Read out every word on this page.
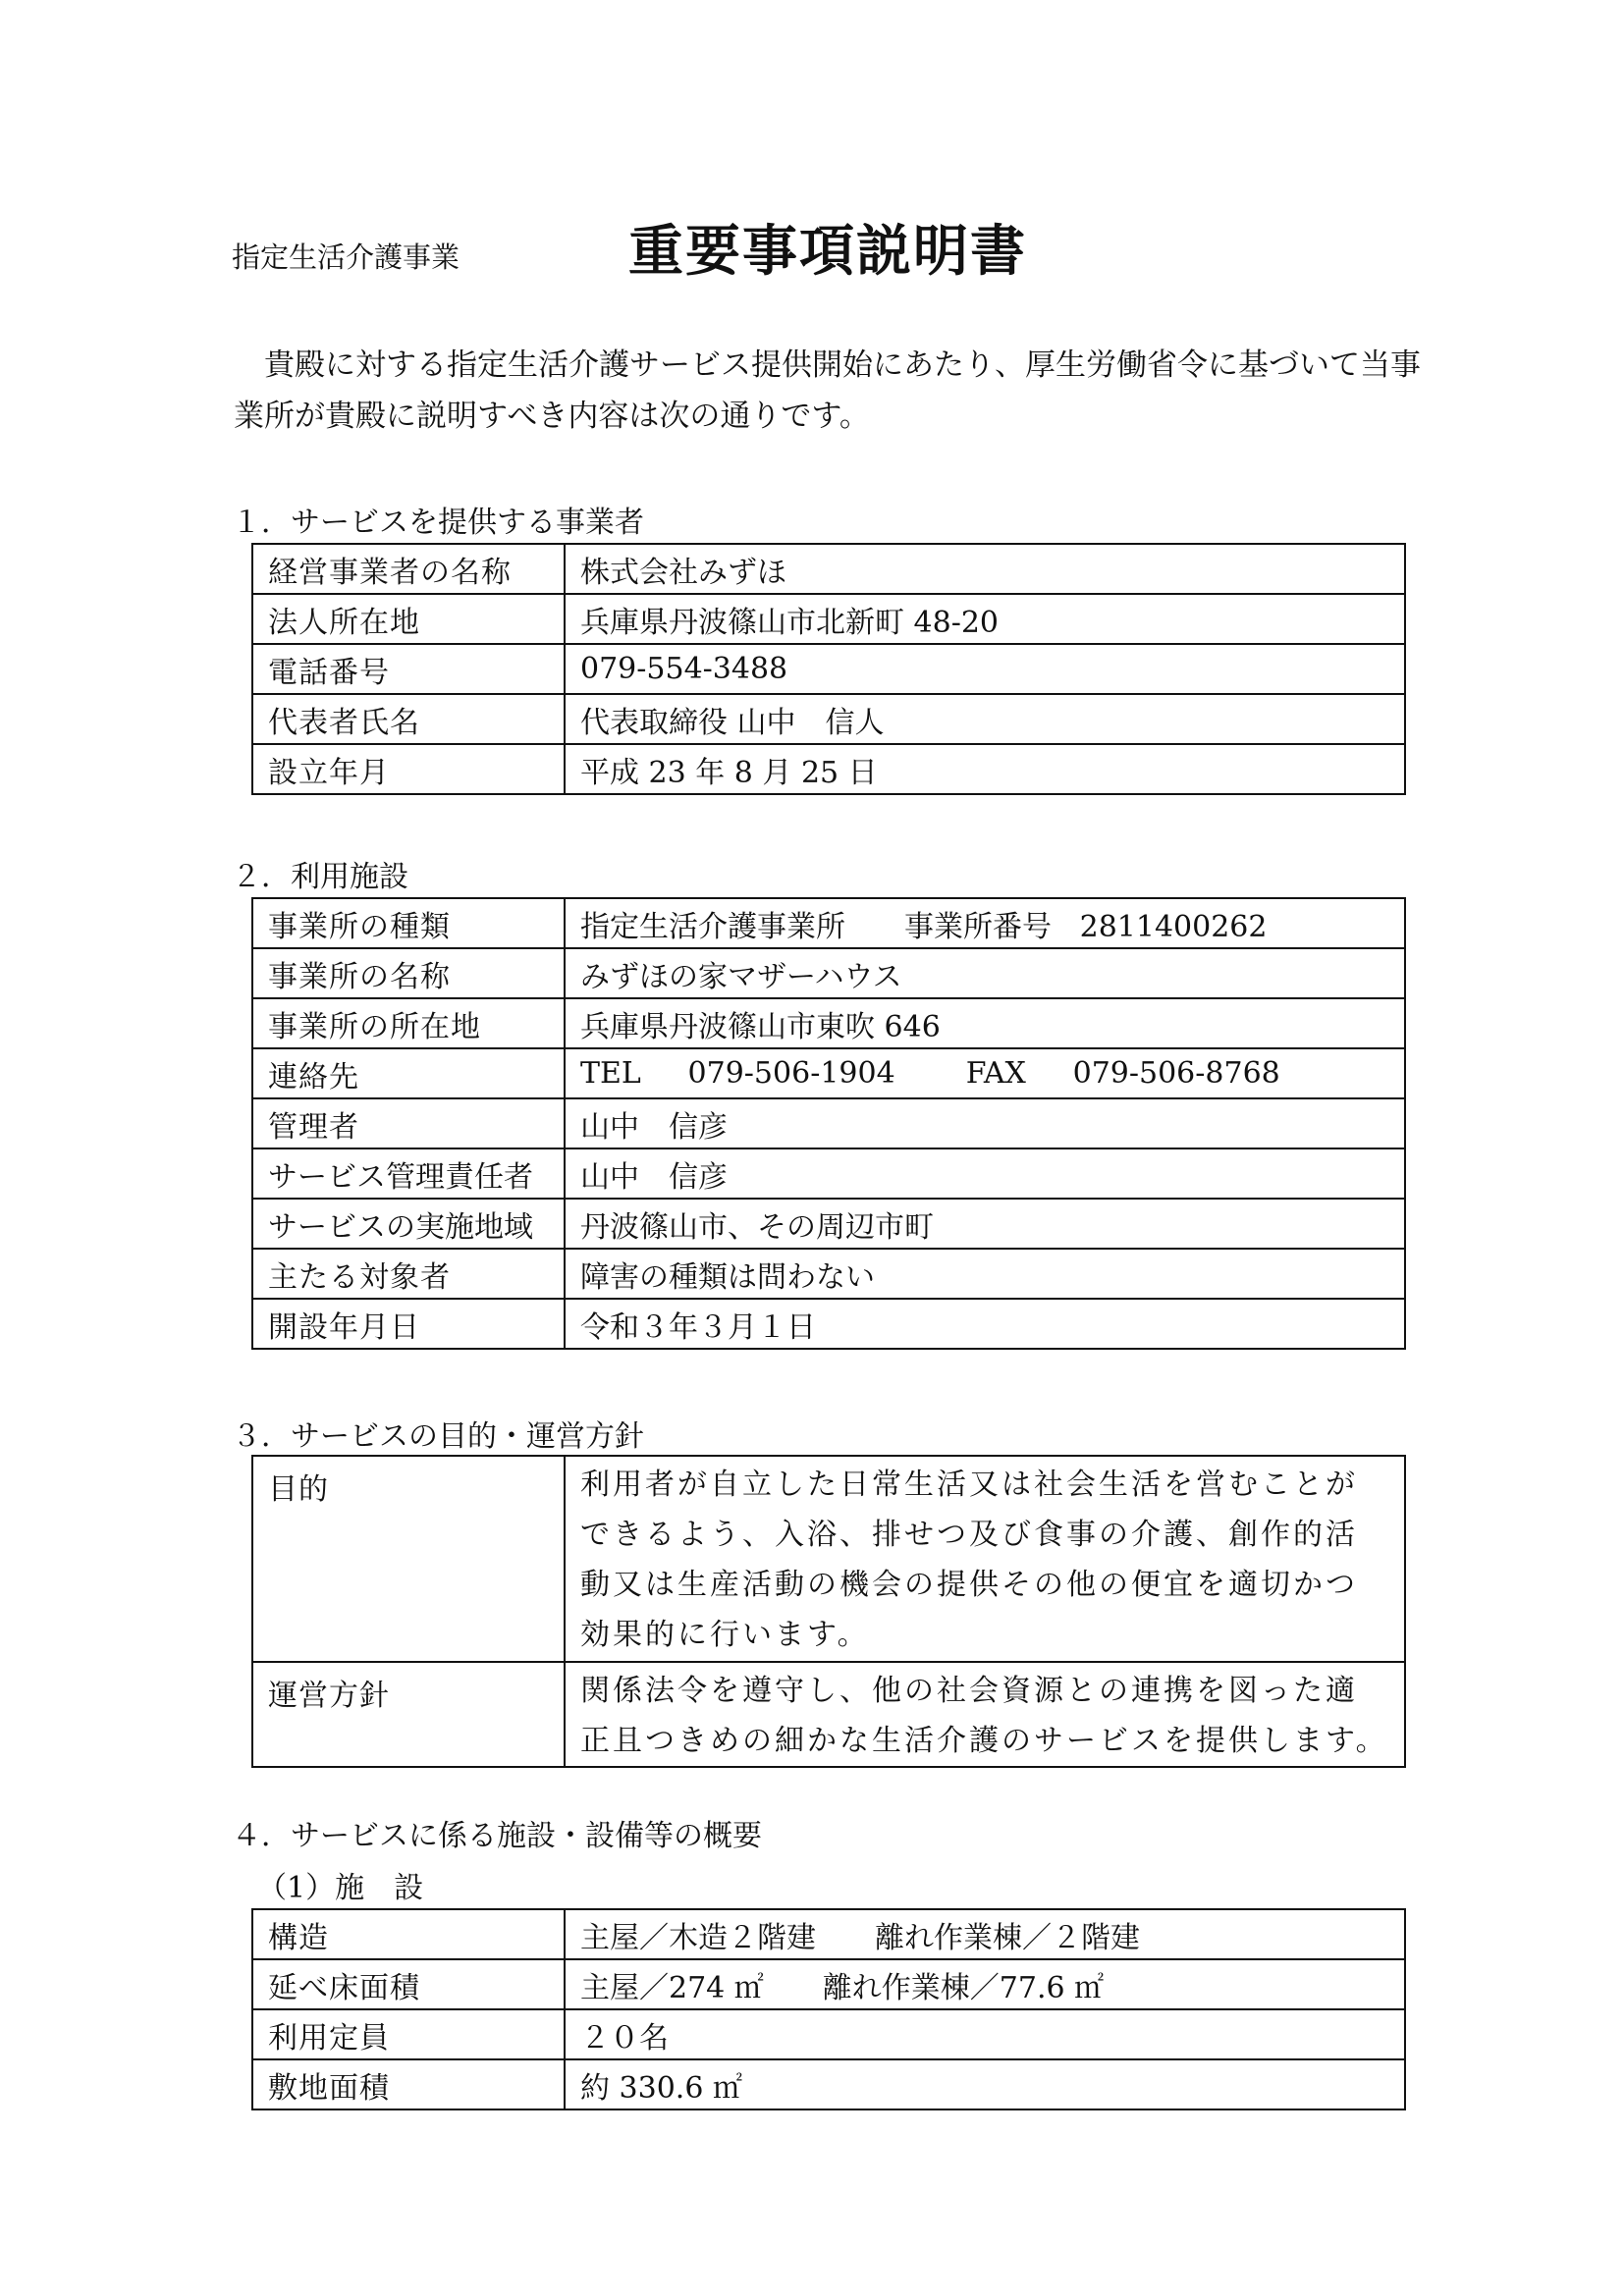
指定生活介護事業	重要事項説明書
貴殿に対する指定生活介護サービス提供開始にあたり、厚生労働省令に基づいて当事業所が貴殿に説明すべき内容は次の通りです。
１．サービスを提供する事業者
経営事業者の名称	株式会社みずほ
法人所在地	兵庫県丹波篠山市北新町 48-20
電話番号	079-554-3488
代表者氏名	代表取締役 山中　信人
設立年月	平成 23 年 8 月 25 日
２．利用施設
事業所の種類	指定生活介護事業所 事業所番号 2811400262
事業所の名称	みずほの家マザーハウス
事業所の所在地	兵庫県丹波篠山市東吹 646
連絡先	TEL 079-506-1904 FAX 079-506-8768
管理者	山中　信彦
サービス管理責任者	山中　信彦
サービスの実施地域	丹波篠山市、その周辺市町
主たる対象者	障害の種類は問わない
開設年月日	令和３年３月１日
３．サービスの目的・運営方針
目的	利用者が自立した日常生活又は社会生活を営むことができるよう、入浴、排せつ及び食事の介護、創作的活動又は生産活動の機会の提供その他の便宜を適切かつ効果的に行います。
運営方針	関係法令を遵守し、他の社会資源との連携を図った適正且つきめの細かな生活介護のサービスを提供します。
４．サービスに係る施設・設備等の概要
（1）施　設
構造	主屋／木造２階建 離れ作業棟／２階建
延べ床面積	主屋／274 ㎡ 離れ作業棟／77.6 ㎡
利用定員	２０名
敷地面積	約 330.6 ㎡
